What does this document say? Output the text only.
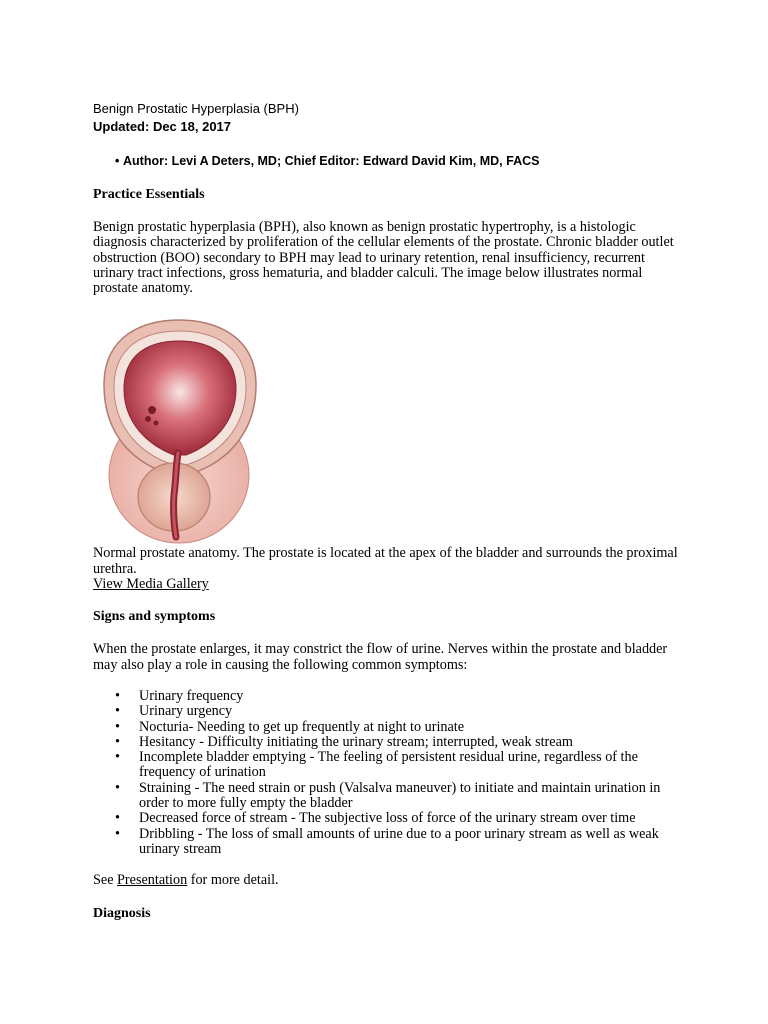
Benign Prostatic Hyperplasia (BPH)

Updated: Dec 18, 2017

• Author: Levi A Deters, MD; Chief Editor: Edward David Kim, MD, FACS
Practice Essentials

Benign prostatic hyperplasia (BPH), also known as benign prostatic hypertrophy, is a histologic diagnosis characterized by proliferation of the cellular elements of the prostate. Chronic bladder outlet obstruction (BOO) secondary to BPH may lead to urinary retention, renal insufficiency, recurrent urinary tract infections, gross hematuria, and bladder calculi. The image below illustrates normal prostate anatomy.

Normal prostate anatomy. The prostate is located at the apex of the bladder and surrounds the proximal urethra.

View Media Gallery

Signs and symptoms

When the prostate enlarges, it may constrict the flow of urine. Nerves within the prostate and bladder may also play a role in causing the following common symptoms:

• Urinary frequency
• Urinary urgency
• Nocturia- Needing to get up frequently at night to urinate
• Hesitancy - Difficulty initiating the urinary stream; interrupted, weak stream
• Incomplete bladder emptying - The feeling of persistent residual urine, regardless of the frequency of urination
• Straining - The need strain or push (Valsalva maneuver) to initiate and maintain urination in order to more fully empty the bladder
• Decreased force of stream - The subjective loss of force of the urinary stream over time
• Dribbling - The loss of small amounts of urine due to a poor urinary stream as well as weak urinary stream

See Presentation for more detail.

Diagnosis
